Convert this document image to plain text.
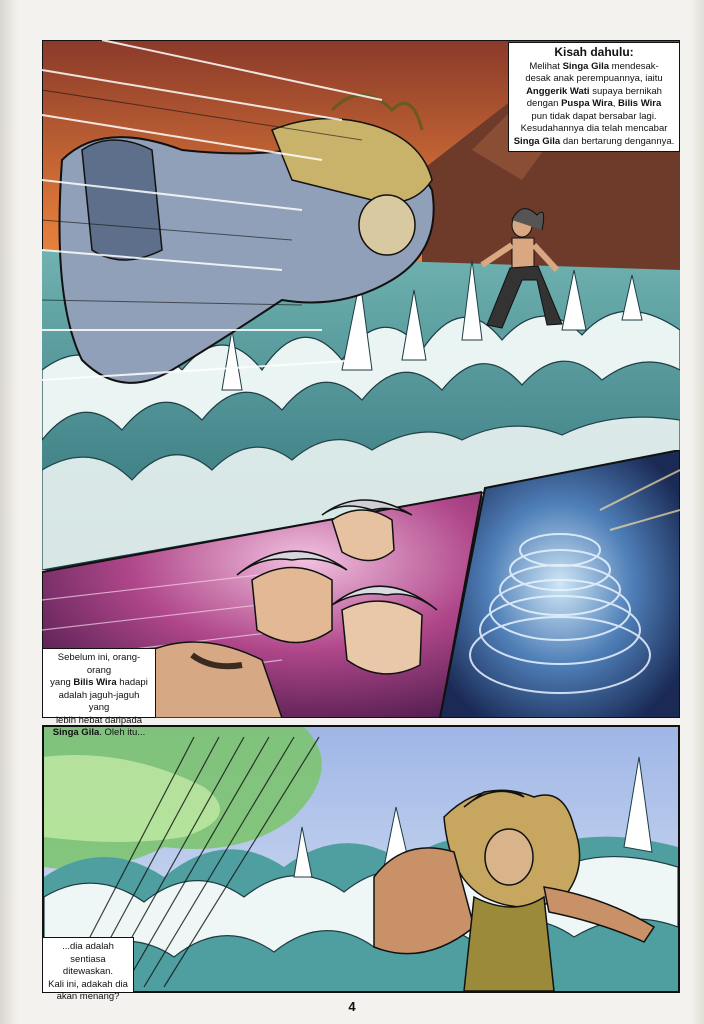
Kisah dahulu:
Melihat Singa Gila mendesak-
desak anak perempuannya, iaitu
Anggerik Wati supaya bernikah
dengan Puspa Wira, Bilis Wira
pun tidak dapat bersabar lagi.
Kesudahannya dia telah mencabar
Singa Gila dan bertarung dengannya.
Sebelum ini, orang-orang
yang Bilis Wira hadapi
adalah jaguh-jaguh yang
lebih hebat daripada
Singa Gila. Oleh itu...
...dia adalah
sentiasa ditewaskan.
Kali ini, adakah dia
akan menang?
4
